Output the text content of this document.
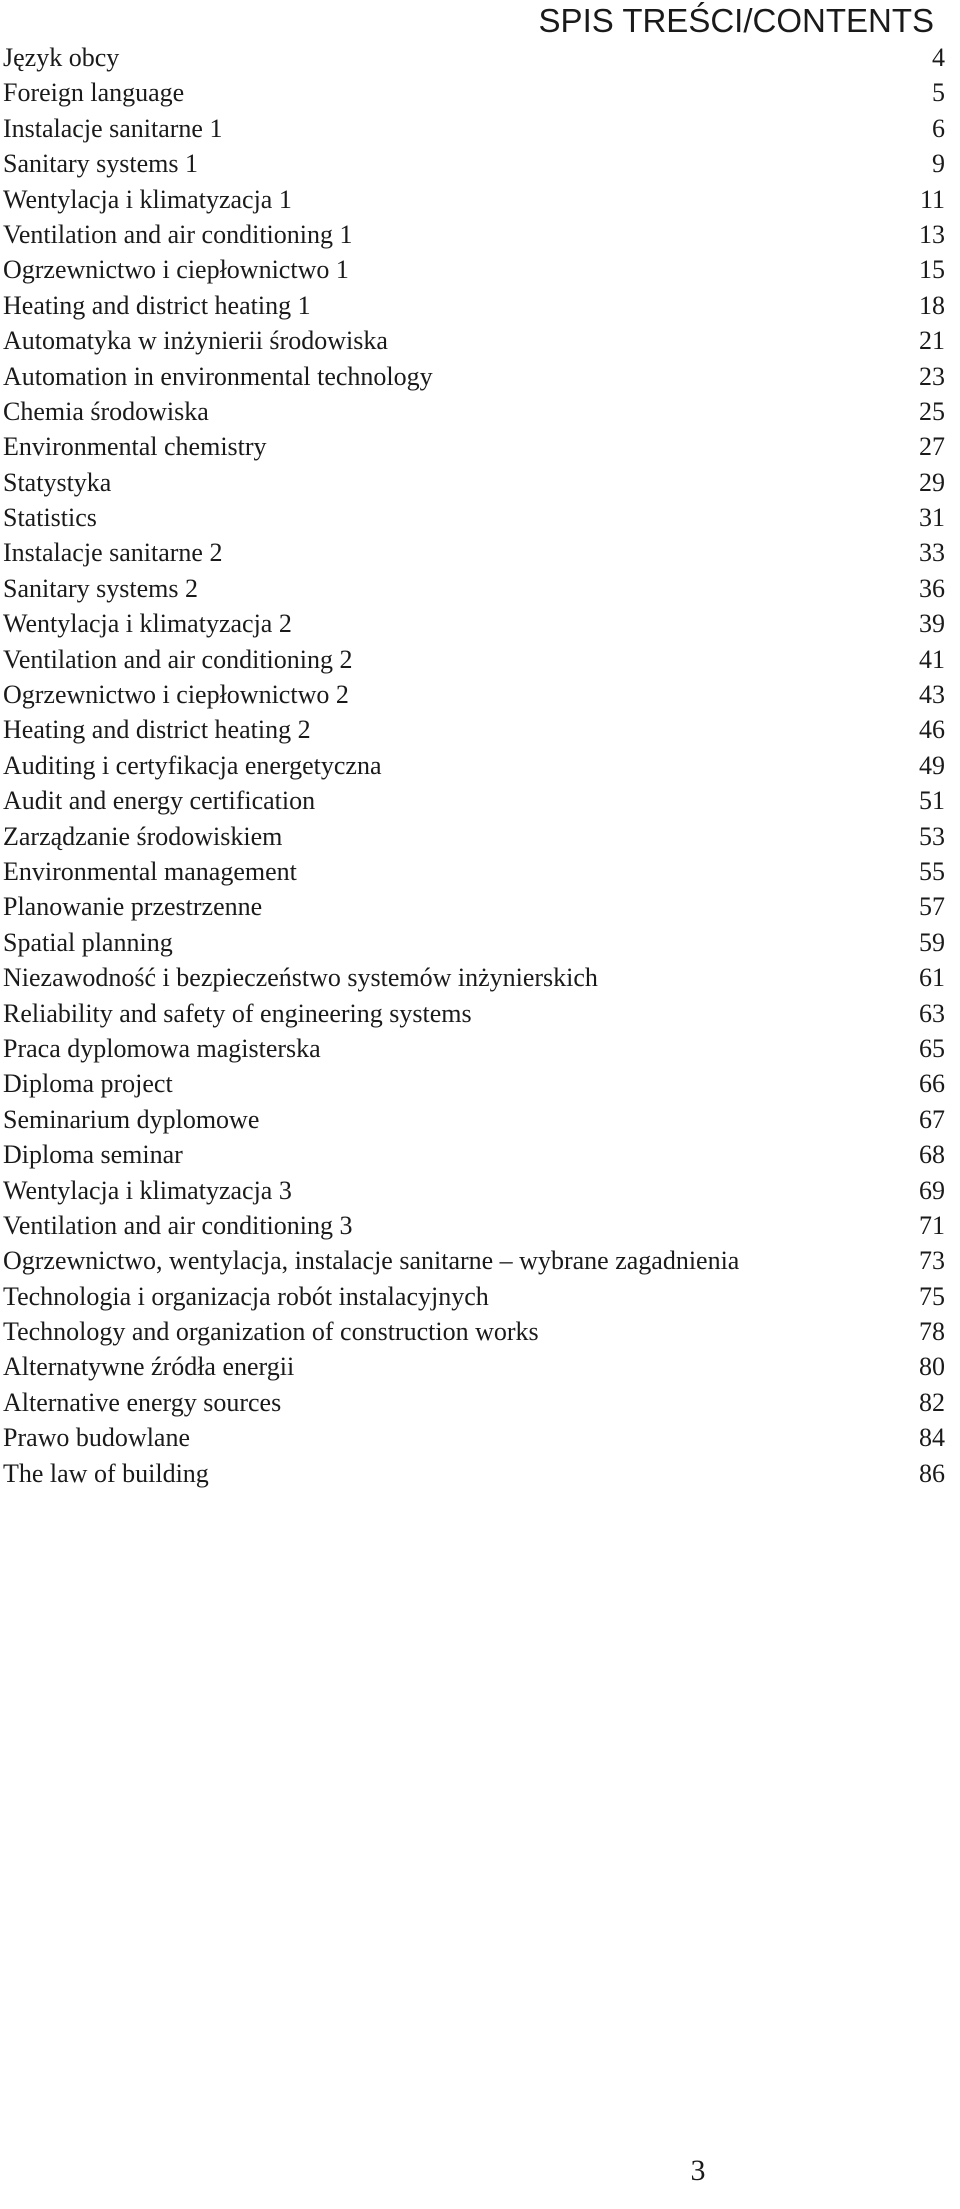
SPIS TREŚCI/CONTENTS
Język obcy	4
Foreign language	5
Instalacje sanitarne 1	6
Sanitary systems 1	9
Wentylacja i klimatyzacja 1	11
Ventilation and air conditioning 1	13
Ogrzewnictwo i ciepłownictwo 1	15
Heating and district heating 1	18
Automatyka w inżynierii środowiska	21
Automation in environmental technology	23
Chemia środowiska	25
Environmental chemistry	27
Statystyka	29
Statistics	31
Instalacje sanitarne 2	33
Sanitary systems 2	36
Wentylacja i klimatyzacja 2	39
Ventilation and air conditioning 2	41
Ogrzewnictwo i ciepłownictwo 2	43
Heating and district heating 2	46
Auditing i certyfikacja energetyczna	49
Audit and energy certification	51
Zarządzanie środowiskiem	53
Environmental management	55
Planowanie przestrzenne	57
Spatial planning	59
Niezawodność i bezpieczeństwo systemów inżynierskich	61
Reliability and safety of engineering systems	63
Praca dyplomowa magisterska	65
Diploma project	66
Seminarium dyplomowe	67
Diploma seminar	68
Wentylacja i klimatyzacja 3	69
Ventilation and air conditioning 3	71
Ogrzewnictwo, wentylacja, instalacje sanitarne – wybrane zagadnienia	73
Technologia i organizacja robót instalacyjnych	75
Technology and organization of construction works	78
Alternatywne źródła energii	80
Alternative energy sources	82
Prawo budowlane	84
The law of building	86
3
